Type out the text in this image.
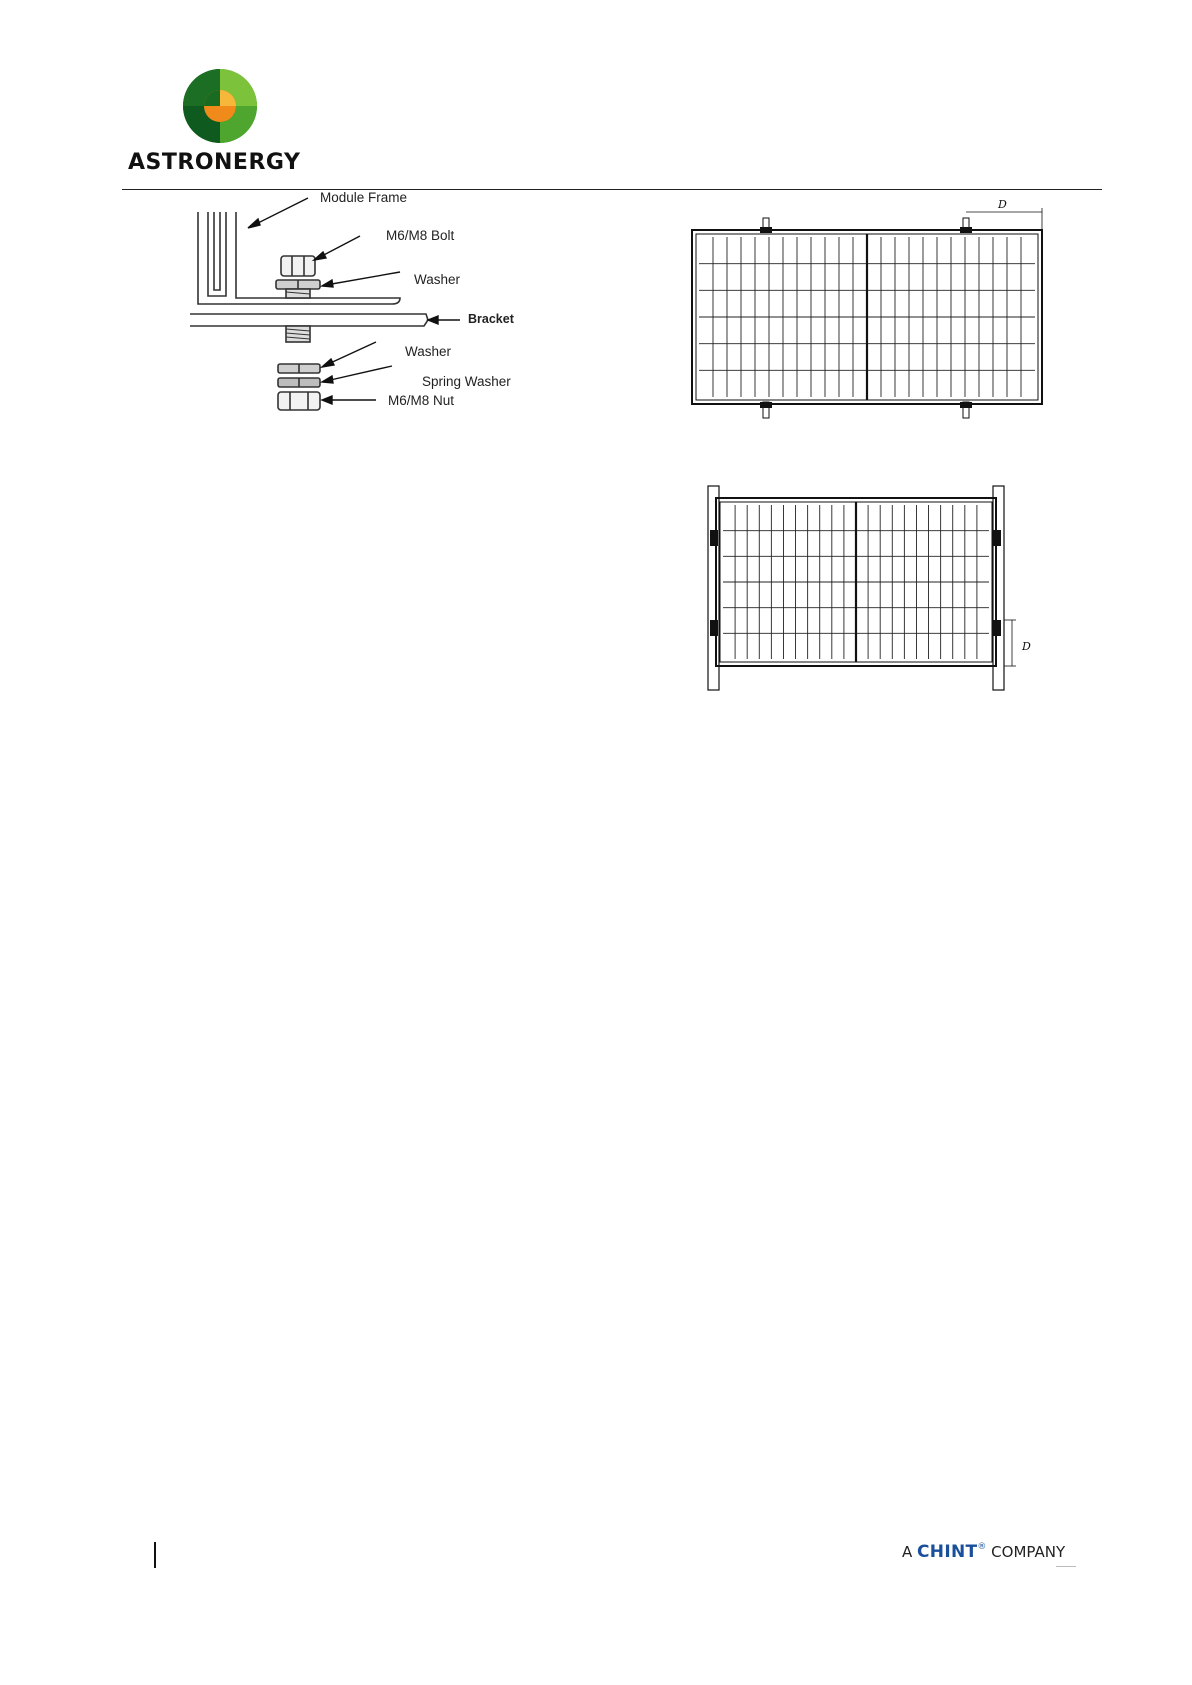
ASTRONERGY
Module Frame
M6/M8 Bolt
Washer
Bracket
Washer
Spring Washer
M6/M8 Nut
D
D
A CHINT® COMPANY
